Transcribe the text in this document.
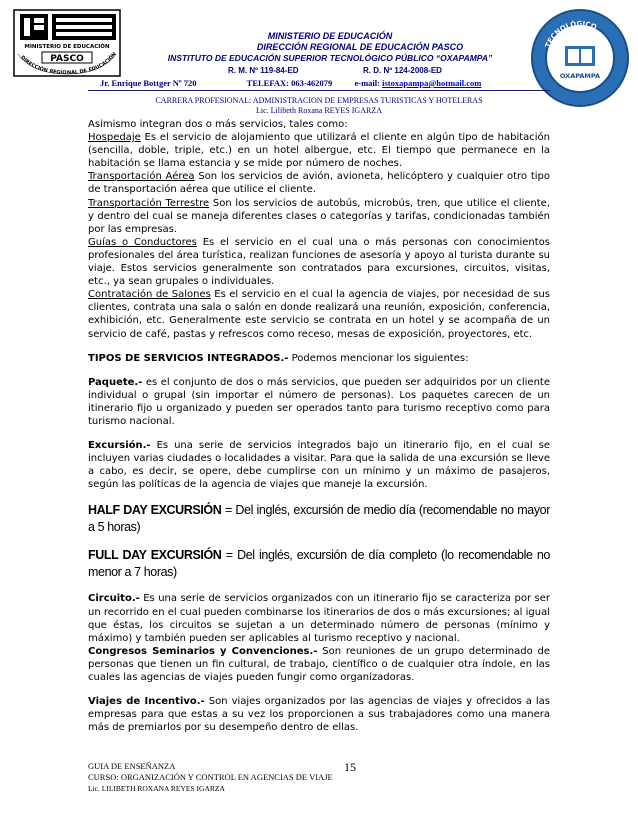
MINISTERIO DE EDUCACIÓN
PASCO
DIRECCIÓN REGIONAL DE EDUCACIÓN
TECNOLÓGICO
OXAPAMPA
MINISTERIO DE EDUCACIÓN
DIRECCIÓN REGIONAL DE EDUCACIÓN PASCO
INSTITUTO DE EDUCACIÓN SUPERIOR TECNOLÓGICO PÚBLICO “OXAPAMPA”
R. M. Nº 119-84-ED	R. D. Nº 124-2008-ED
Jr. Enrique Bottger Nº 720	TELEFAX: 063-462079	e-mail: istoxapampa@hotmail.com
CARRERA PROFESIONAL: ADMINISTRACION DE EMPRESAS TURISTICAS Y HOTELERAS
Lic. Lilibeth Roxana REYES IGARZA

Asimismo integran dos o más servicios, tales como:

Hospedaje Es el servicio de alojamiento que utilizará el cliente en algún tipo de habitación (sencilla, doble, triple, etc.) en un hotel albergue, etc. El tiempo que permanece en la habitación se llama estancia y se mide por número de noches.

Transportación Aérea Son los servicios de avión, avioneta, helicóptero y cualquier otro tipo de transportación aérea que utilice el cliente.

Transportación Terrestre Son los servicios de autobús, microbús, tren, que utilice el cliente, y dentro del cual se maneja diferentes clases o categorías y tarifas, condicionadas también por las empresas.

Guías o Conductores Es el servicio en el cual una o más personas con conocimientos profesionales del área turística, realizan funciones de asesoría y apoyo al turista durante su viaje. Estos servicios generalmente son contratados para excursiones, circuitos, visitas, etc., ya sean grupales o individuales.

Contratación de Salones Es el servicio en el cual la agencia de viajes, por necesidad de sus clientes, contrata una sala o salón en donde realizará una reunión, exposición, conferencia, exhibición, etc. Generalmente este servicio se contrata en un hotel y se acompaña de un servicio de café, pastas y refrescos como receso, mesas de exposición, proyectores, etc.

TIPOS DE SERVICIOS INTEGRADOS.- Podemos mencionar los siguientes:

Paquete.- es el conjunto de dos o más servicios, que pueden ser adquiridos por un cliente individual o grupal (sin importar el número de personas). Los paquetes carecen de un itinerario fijo u organizado y pueden ser operados tanto para turismo receptivo como para turismo nacional.

Excursión.- Es una serie de servicios integrados bajo un itinerario fijo, en el cual se incluyen varias ciudades o localidades a visitar. Para que la salida de una excursión se lleve a cabo, es decir, se opere, debe cumplirse con un mínimo y un máximo de pasajeros, según las políticas de la agencia de viajes que maneje la excursión.

HALF DAY EXCURSIÓN = Del inglés, excursión de medio día (recomendable no mayor a 5 horas)

FULL DAY EXCURSIÓN = Del inglés, excursión de día completo (lo recomendable no menor a 7 horas)

Circuito.- Es una serie de servicios organizados con un itinerario fijo se caracteriza por ser un recorrido en el cual pueden combinarse los itinerarios de dos o más excursiones; al igual que éstas, los circuitos se sujetan a un determinado número de personas (mínimo y máximo) y también pueden ser aplicables al turismo receptivo y nacional.

Congresos Seminarios y Convenciones.- Son reuniones de un grupo determinado de personas que tienen un fin cultural, de trabajo, científico o de cualquier otra índole, en las cuales las agencias de viajes pueden fungir como organizadoras.

Viajes de Incentivo.- Son viajes organizados por las agencias de viajes y ofrecidos a las empresas para que estas a su vez los proporcionen a sus trabajadores como una manera más de premiarlos por su desempeño dentro de ellas.

GUIA DE ENSEÑANZA
CURSO: ORGANIZACIÓN Y CONTROL EN AGENCIAS DE VIAJE
Lic. LILIBETH ROXANA REYES IGARZA
15
